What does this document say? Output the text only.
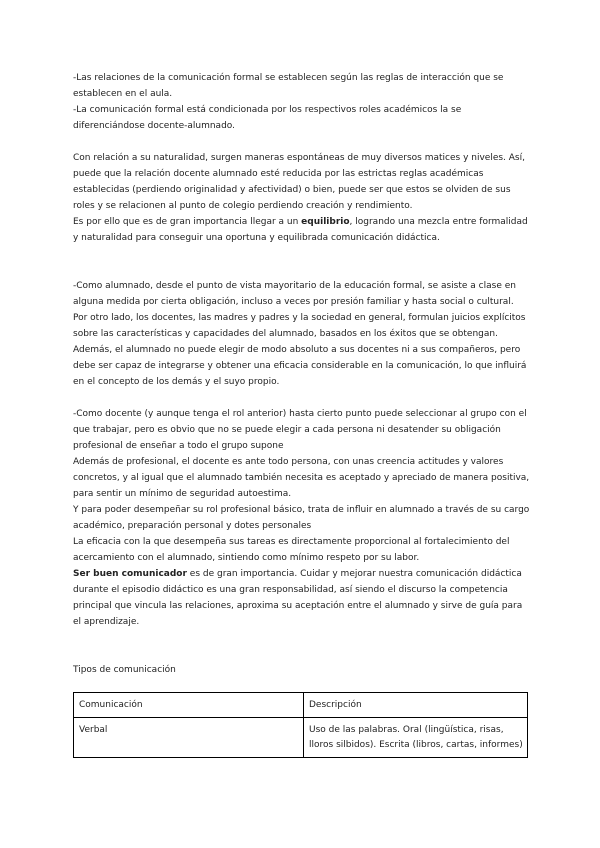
-Las relaciones de la comunicación formal se establecen según las reglas de interacción que se establecen en el aula.

-La comunicación formal está condicionada por los respectivos roles académicos la se diferenciándose docente-alumnado.

Con relación a su naturalidad, surgen maneras espontáneas de muy diversos matices y niveles. Así, puede que la relación docente alumnado esté reducida por las estrictas reglas académicas establecidas (perdiendo originalidad y afectividad) o bien, puede ser que estos se olviden de sus roles y se relacionen al punto de colegio perdiendo creación y rendimiento.

Es por ello que es de gran importancia llegar a un equilibrio, logrando una mezcla entre formalidad y naturalidad para conseguir una oportuna y equilibrada comunicación didáctica.

-Como alumnado, desde el punto de vista mayoritario de la educación formal, se asiste a clase en alguna medida por cierta obligación, incluso a veces por presión familiar y hasta social o cultural.

Por otro lado, los docentes, las madres y padres y la sociedad en general, formulan juicios explícitos sobre las características y capacidades del alumnado, basados en los éxitos que se obtengan.

Además, el alumnado no puede elegir de modo absoluto a sus docentes ni a sus compañeros, pero debe ser capaz de integrarse y obtener una eficacia considerable en la comunicación, lo que influirá en el concepto de los demás y el suyo propio.

-Como docente (y aunque tenga el rol anterior) hasta cierto punto puede seleccionar al grupo con el que trabajar, pero es obvio que no se puede elegir a cada persona ni desatender su obligación profesional de enseñar a todo el grupo supone

Además de profesional, el docente es ante todo persona, con unas creencia actitudes y valores concretos, y al igual que el alumnado también necesita es aceptado y apreciado de manera positiva, para sentir un mínimo de seguridad autoestima.

Y para poder desempeñar su rol profesional básico, trata de influir en alumnado a través de su cargo académico, preparación personal y dotes personales

La eficacia con la que desempeña sus tareas es directamente proporcional al fortalecimiento del acercamiento con el alumnado, sintiendo como mínimo respeto por su labor.

Ser buen comunicador es de gran importancia. Cuidar y mejorar nuestra comunicación didáctica durante el episodio didáctico es una gran responsabilidad, así siendo el discurso la competencia principal que vincula las relaciones, aproxima su aceptación entre el alumnado y sirve de guía para el aprendizaje.

Tipos de comunicación

Comunicación	Descripción
Verbal	Uso de las palabras. Oral (lingüística, risas, lloros silbidos). Escrita (libros, cartas, informes)
